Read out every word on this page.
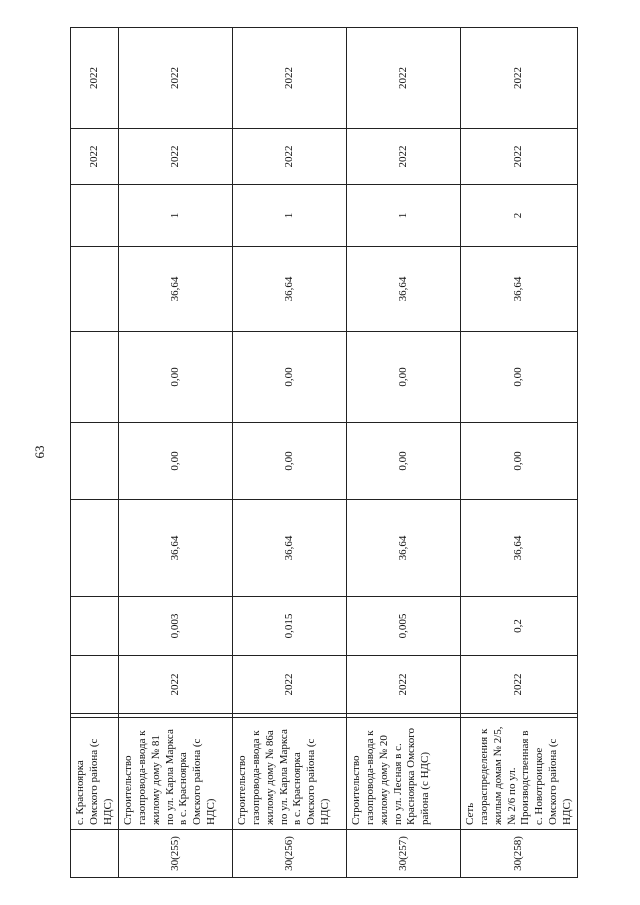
63
	с. Красноярка Омского района (с НДС)									2022	2022
30(255)	Строительство газопровода-ввода к жилому дому № 81 по ул. Карла Маркса в с. Красноярка Омского района (с НДС)		2022	0,003	36,64	0,00	0,00	36,64	1	2022	2022
30(256)	Строительство газопровода-ввода к жилому дому № 86а по ул. Карла Маркса в с. Красноярка Омского района (с НДС)		2022	0,015	36,64	0,00	0,00	36,64	1	2022	2022
30(257)	Строительство газопровода-ввода к жилому дому № 20 по ул. Лесная в с. Красноярка Омского района (с НДС)		2022	0,005	36,64	0,00	0,00	36,64	1	2022	2022
30(258)	Сеть газораспределения к жилым домам № 2/5, № 2/6 по ул. Производственная в с. Новотроицкое Омского района (с НДС)		2022	0,2	36,64	0,00	0,00	36,64	2	2022	2022
